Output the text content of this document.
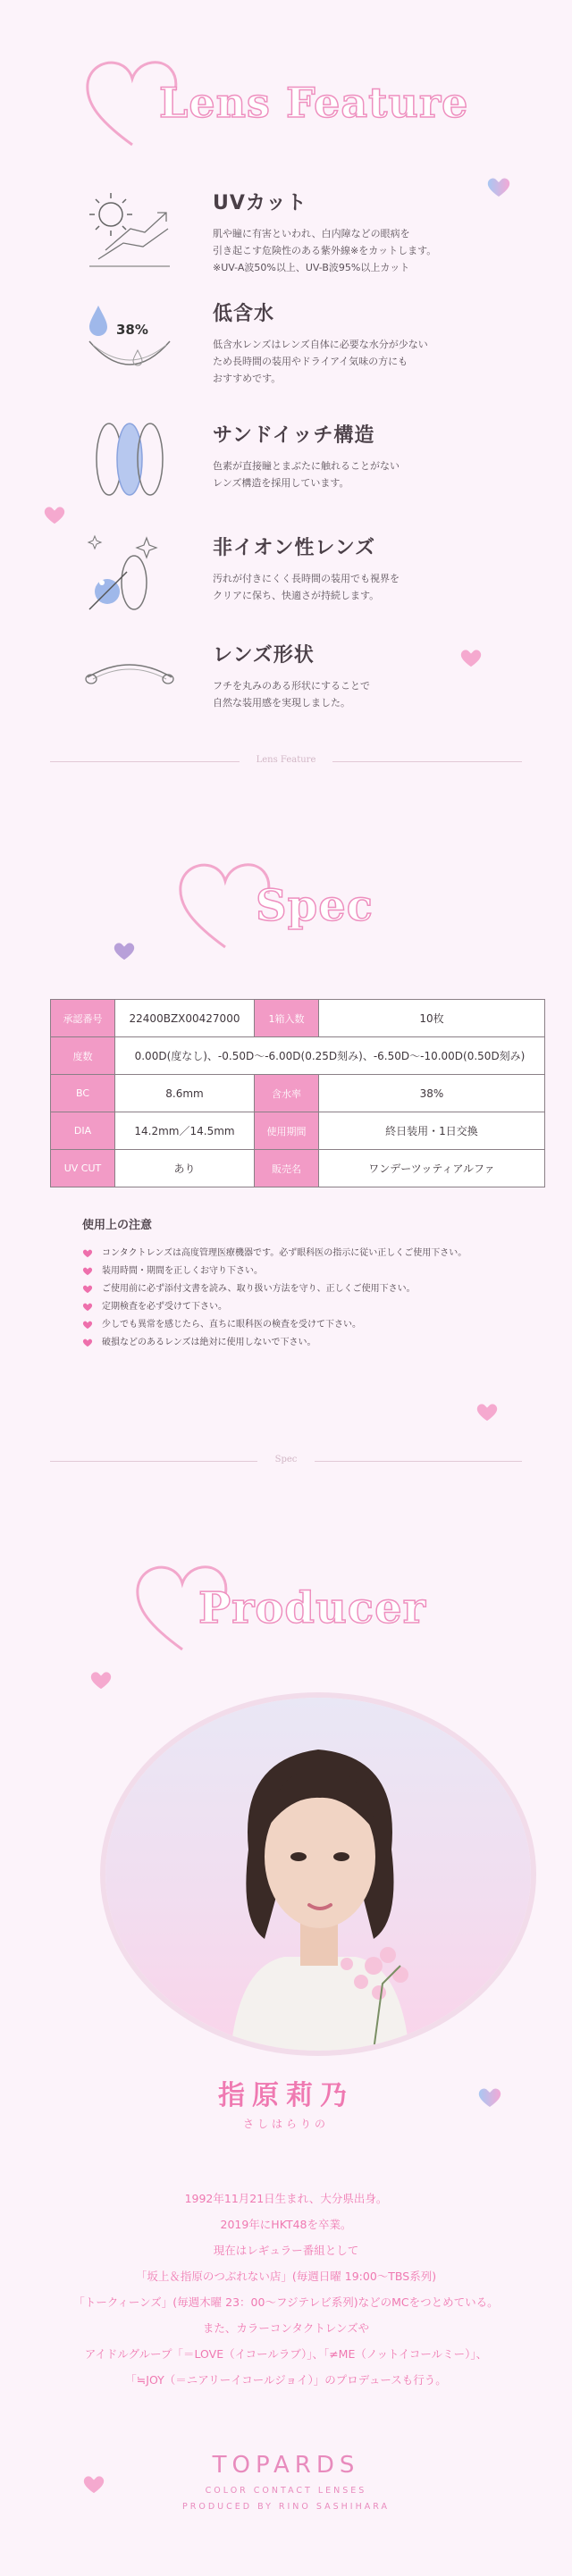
Lens Feature
UVカット

肌や瞳に有害といわれ、白内障などの眼病を
引き起こす危険性のある紫外線※をカットします。
※UV-A波50%以上、UV-B波95%以上カット

38%
低含水

低含水レンズはレンズ自体に必要な水分が少ない
ため長時間の装用やドライアイ気味の方にも
おすすめです。

サンドイッチ構造

色素が直接瞳とまぶたに触れることがない
レンズ構造を採用しています。

非イオン性レンズ

汚れが付きにくく長時間の装用でも視界を
クリアに保ち、快適さが持続します。

レンズ形状

フチを丸みのある形状にすることで
自然な装用感を実現しました。

Lens Feature
Spec
承認番号	22400BZX00427000	1箱入数	10枚
度数	0.00D(度なし)、-0.50D～-6.00D(0.25D刻み)、-6.50D～-10.00D(0.50D刻み)		
BC	8.6mm	含水率	38%
DIA	14.2mm／14.5mm	使用期間	終日装用・1日交換
UV CUT	あり	販売名	ワンデーツッティアルファ
使用上の注意
コンタクトレンズは高度管理医療機器です。必ず眼科医の指示に従い正しくご使用下さい。
装用時間・期間を正しくお守り下さい。
ご使用前に必ず添付文書を読み、取り扱い方法を守り、正しくご使用下さい。
定期検査を必ず受けて下さい。
少しでも異常を感じたら、直ちに眼科医の検査を受けて下さい。
破損などのあるレンズは絶対に使用しないで下さい。
Spec
Producer
指原莉乃
さしはらりの
1992年11月21日生まれ、大分県出身。
2019年にHKT48を卒業。
現在はレギュラー番組として
「坂上＆指原のつぶれない店」(毎週日曜 19:00～TBS系列)
「トークィーンズ」(毎週木曜 23：00～フジテレビ系列)などのMCをつとめている。
また、カラーコンタクトレンズや
アイドルグループ「＝LOVE（イコールラブ）」、「≠ME（ノットイコールミー）」、
「≒JOY（＝ニアリーイコールジョイ）」のプロデュースも行う。
TOPARDS
COLOR CONTACT LENSES
PRODUCED BY RINO SASHIHARA
